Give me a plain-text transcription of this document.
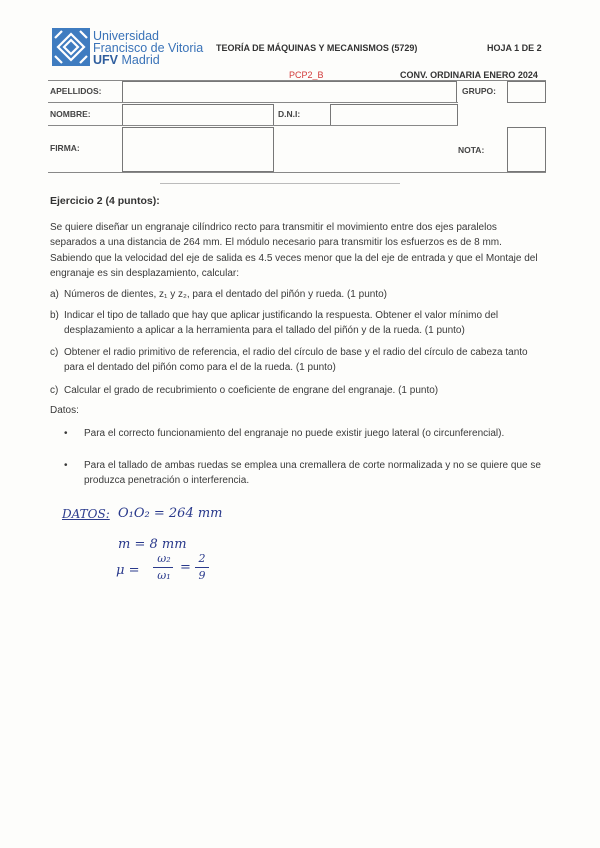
Universidad
Francisco de Vitoria
UFV Madrid
TEORÍA DE MÁQUINAS Y MECANISMOS (5729)	HOJA 1 DE 2
PCP2_B	CONV. ORDINARIA ENERO 2024
APELLIDOS:	GRUPO:
NOMBRE:	D.N.I:
FIRMA:	NOTA:
Ejercicio 2 (4 puntos):
Se quiere diseñar un engranaje cilíndrico recto para transmitir el movimiento entre dos ejes paralelos separados a una distancia de 264 mm. El módulo necesario para transmitir los esfuerzos es de 8 mm. Sabiendo que la velocidad del eje de salida es 4.5 veces menor que la del eje de entrada y que el Montaje del engranaje es sin desplazamiento, calcular:
a) Números de dientes, z₁ y z₂, para el dentado del piñón y rueda. (1 punto)
b) Indicar el tipo de tallado que hay que aplicar justificando la respuesta. Obtener el valor mínimo del desplazamiento a aplicar a la herramienta para el tallado del piñón y de la rueda. (1 punto)
c) Obtener el radio primitivo de referencia, el radio del círculo de base y el radio del círculo de cabeza tanto para el dentado del piñón como para el de la rueda. (1 punto)
c) Calcular el grado de recubrimiento o coeficiente de engrane del engranaje. (1 punto)
Datos:
• Para el correcto funcionamiento del engranaje no puede existir juego lateral (o circunferencial).
• Para el tallado de ambas ruedas se emplea una cremallera de corte normalizada y no se quiere que se produzca penetración o interferencia.
DATOS: O₁O₂ = 264 mm
m = 8 mm
μ =
ω₂
ω₁
=
2
9
